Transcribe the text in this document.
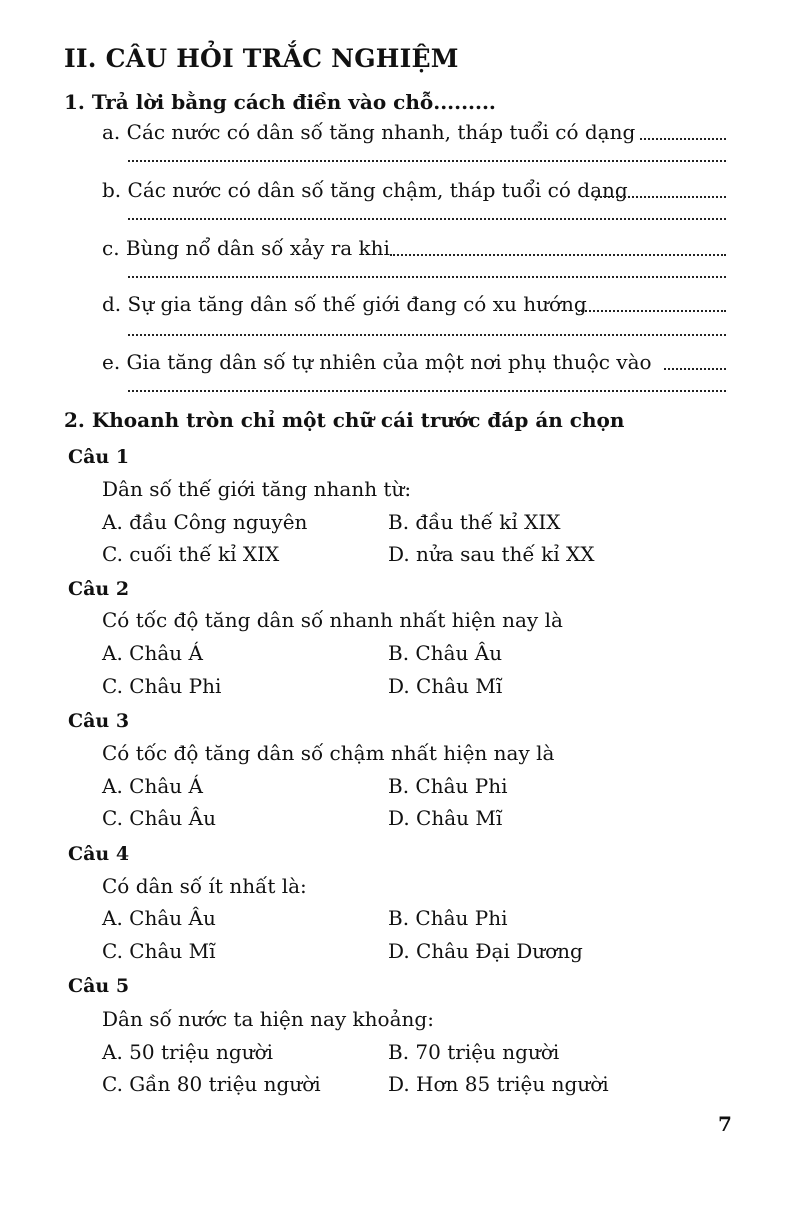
II. CÂU HỎI TRẮC NGHIỆM
1. Trả lời bằng cách điền vào chỗ.........
a. Các nước có dân số tăng nhanh, tháp tuổi có dạng
b. Các nước có dân số tăng chậm, tháp tuổi có dạng
c. Bùng nổ dân số xảy ra khi
d. Sự gia tăng dân số thế giới đang có xu hướng
e. Gia tăng dân số tự nhiên của một nơi phụ thuộc vào
2. Khoanh tròn chỉ một chữ cái trước đáp án chọn
Câu 1
Dân số thế giới tăng nhanh từ:
A. đầu Công nguyên	B. đầu thế kỉ XIX
C. cuối thế kỉ XIX	D. nửa sau thế kỉ XX
Câu 2
Có tốc độ tăng dân số nhanh nhất hiện nay là
A. Châu Á	B. Châu Âu
C. Châu Phi	D. Châu Mĩ
Câu 3
Có tốc độ tăng dân số chậm nhất hiện nay là
A. Châu Á	B. Châu Phi
C. Châu Âu	D. Châu Mĩ
Câu 4
Có dân số ít nhất là:
A. Châu Âu	B. Châu Phi
C. Châu Mĩ	D. Châu Đại Dương
Câu 5
Dân số nước ta hiện nay khoảng:
A. 50 triệu người	B. 70 triệu người
C. Gần 80 triệu người	D. Hơn 85 triệu người
7
